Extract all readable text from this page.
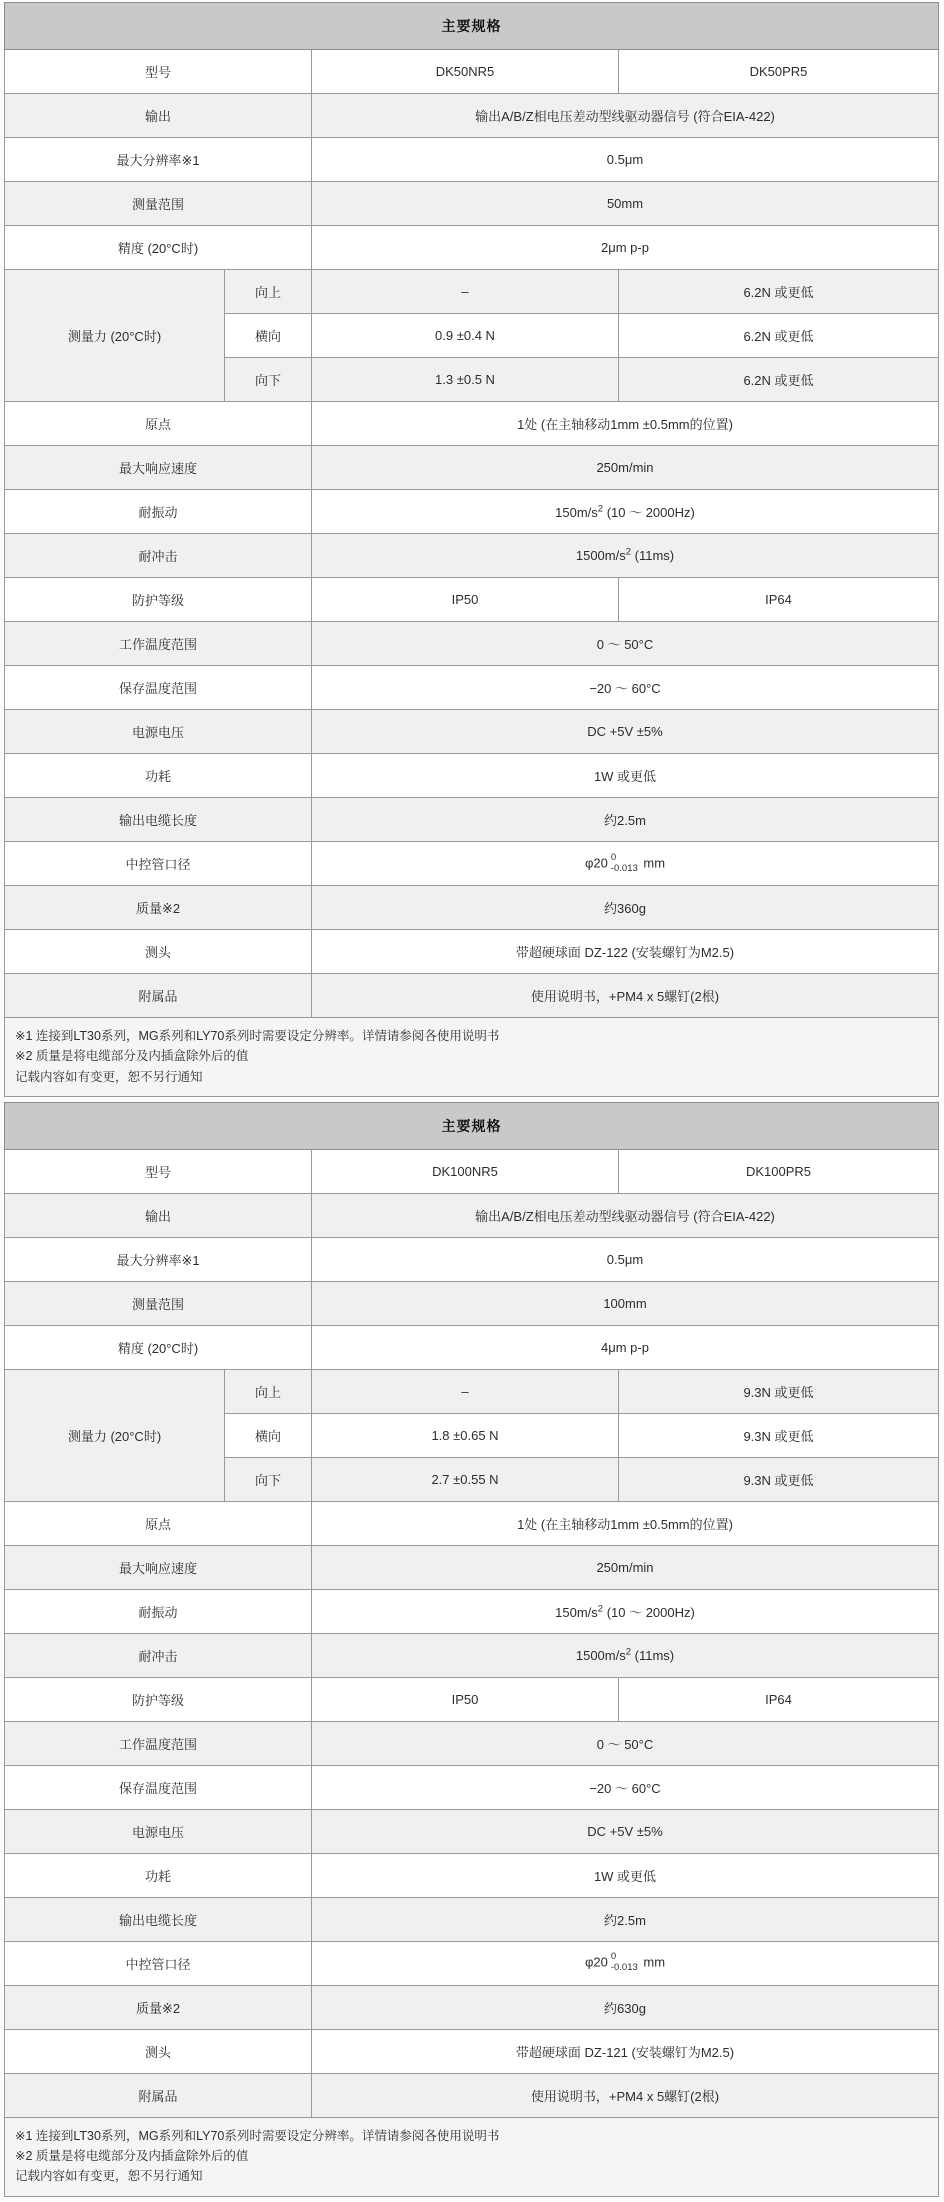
主要规格			
型号		DK50NR5	DK50PR5
输出		输出A/B/Z相电压差动型线驱动器信号 (符合EIA-422)	
最大分辨率※1		0.5μm	
测量范围		50mm	
精度 (20°C时)		2μm p-p	
测量力 (20°C时)	向上	–	6.2N 或更低
	横向	0.9 ±0.4 N	6.2N 或更低
	向下	1.3 ±0.5 N	6.2N 或更低
原点		1处 (在主轴移动1mm ±0.5mm的位置)	
最大响应速度		250m/min	
耐振动		$150m/s^2$ (10 ～ 2000Hz)	
耐冲击		$1500m/s^2$ (11ms)	
防护等级		IP50	IP64
工作温度范围		0 ～ 50°C	
保存温度范围		−20 ～ 60°C	
电源电压		DC +5V ±5%	
功耗		1W 或更低	
输出电缆长度		约2.5m	
中控管口径		φ20 0
-0.013 mm	
质量※2		约360g	
测头		带超硬球面 DZ-122 (安装螺钉为M2.5)	
附属品		使用说明书，+PM4 x 5螺钉(2根)	
※1 连接到LT30系列，MG系列和LY70系列时需要设定分辨率。详情请参阅各使用说明书
※2 质量是将电缆部分及内插盒除外后的值
记载内容如有变更，恕不另行通知
主要规格			
型号		DK100NR5	DK100PR5
输出		输出A/B/Z相电压差动型线驱动器信号 (符合EIA-422)	
最大分辨率※1		0.5μm	
测量范围		100mm	
精度 (20°C时)		4μm p-p	
测量力 (20°C时)	向上	–	9.3N 或更低
	横向	1.8 ±0.65 N	9.3N 或更低
	向下	2.7 ±0.55 N	9.3N 或更低
原点		1处 (在主轴移动1mm ±0.5mm的位置)	
最大响应速度		250m/min	
耐振动		$150m/s^2$ (10 ～ 2000Hz)	
耐冲击		$1500m/s^2$ (11ms)	
防护等级		IP50	IP64
工作温度范围		0 ～ 50°C	
保存温度范围		−20 ～ 60°C	
电源电压		DC +5V ±5%	
功耗		1W 或更低	
输出电缆长度		约2.5m	
中控管口径		φ20 0
-0.013 mm	
质量※2		约630g	
测头		带超硬球面 DZ-121 (安装螺钉为M2.5)	
附属品		使用说明书，+PM4 x 5螺钉(2根)	
※1 连接到LT30系列，MG系列和LY70系列时需要设定分辨率。详情请参阅各使用说明书
※2 质量是将电缆部分及内插盒除外后的值
记载内容如有变更，恕不另行通知
